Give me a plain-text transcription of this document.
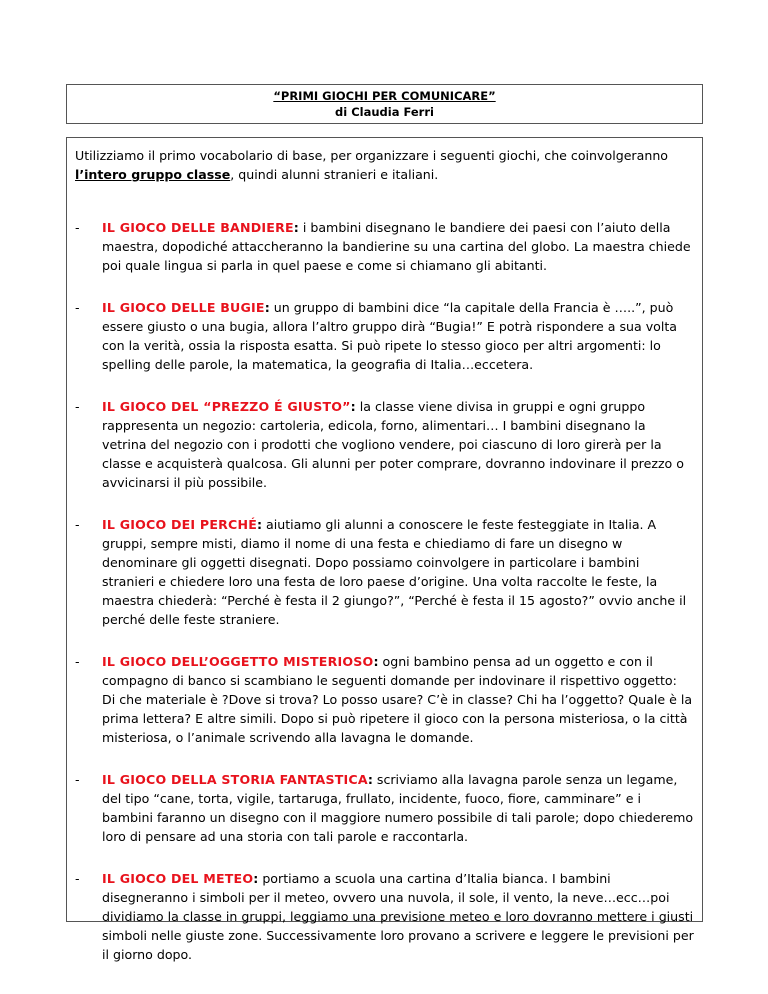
“PRIMI GIOCHI PER COMUNICARE”
di Claudia Ferri

Utilizziamo il primo vocabolario di base, per organizzare i seguenti giochi, che coinvolgeranno l’intero gruppo classe, quindi alunni stranieri e italiani.

- IL GIOCO DELLE BANDIERE: i bambini disegnano le bandiere dei paesi con l’aiuto della maestra, dopodiché attaccheranno la bandierine su una cartina del globo. La maestra chiede poi quale lingua si parla in quel paese e come si chiamano gli abitanti.

- IL GIOCO DELLE BUGIE: un gruppo di bambini dice “la capitale della Francia è …..”, può essere giusto o una bugia, allora l’altro gruppo dirà “Bugia!” E potrà rispondere a sua volta con la verità, ossia la risposta esatta. Si può ripete lo stesso gioco per altri argomenti: lo spelling delle parole, la matematica, la geografia di Italia…eccetera.

- IL GIOCO DEL “PREZZO É GIUSTO”: la classe viene divisa in gruppi e ogni gruppo rappresenta un negozio: cartoleria, edicola, forno, alimentari… I bambini disegnano la vetrina del negozio con i prodotti che vogliono vendere, poi ciascuno di loro girerà per la classe e acquisterà qualcosa. Gli alunni per poter comprare, dovranno indovinare il prezzo o avvicinarsi il più possibile.

- IL GIOCO DEI PERCHÉ: aiutiamo gli alunni a conoscere le feste festeggiate in Italia. A gruppi, sempre misti, diamo il nome di una festa e chiediamo di fare un disegno w denominare gli oggetti disegnati. Dopo possiamo coinvolgere in particolare i bambini stranieri e chiedere loro una festa de loro paese d’origine. Una volta raccolte le feste, la maestra chiederà: “Perché è festa il 2 giungo?”, “Perché è festa il 15 agosto?” ovvio anche il perché delle feste straniere.

- IL GIOCO DELL’OGGETTO MISTERIOSO: ogni bambino pensa ad un oggetto e con il compagno di banco si scambiano le seguenti domande per indovinare il rispettivo oggetto: Di che materiale è ?Dove si trova? Lo posso usare? C’è in classe? Chi ha l’oggetto? Quale è la prima lettera? E altre simili. Dopo si può ripetere il gioco con la persona misteriosa, o la città misteriosa, o l’animale scrivendo alla lavagna le domande.

- IL GIOCO DELLA STORIA FANTASTICA: scriviamo alla lavagna parole senza un legame, del tipo “cane, torta, vigile, tartaruga, frullato, incidente, fuoco, fiore, camminare” e i bambini faranno un disegno con il maggiore numero possibile di tali parole; dopo chiederemo loro di pensare ad una storia con tali parole e raccontarla.

- IL GIOCO DEL METEO: portiamo a scuola una cartina d’Italia bianca. I bambini disegneranno i simboli per il meteo, ovvero una nuvola, il sole, il vento, la neve…ecc…poi dividiamo la classe in gruppi, leggiamo una previsione meteo e loro dovranno mettere i giusti simboli nelle giuste zone. Successivamente loro provano a scrivere e leggere le previsioni per il giorno dopo.
